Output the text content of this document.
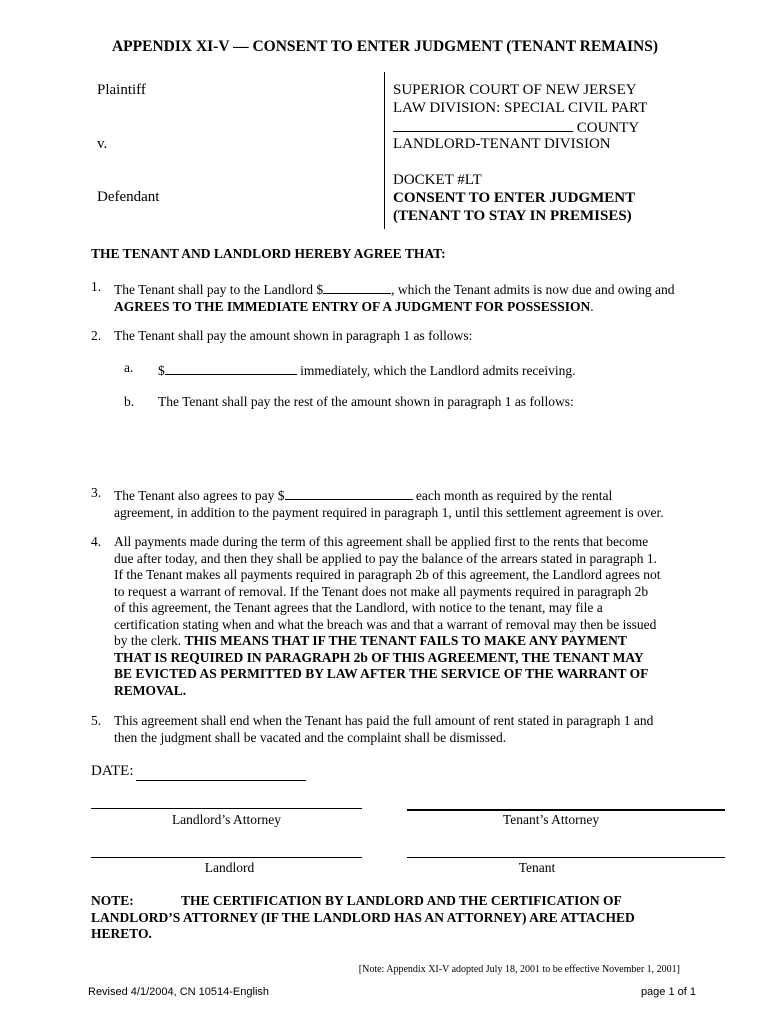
APPENDIX XI-V — CONSENT TO ENTER JUDGMENT (TENANT REMAINS)
Plaintiff
v.
Defendant
SUPERIOR COURT OF NEW JERSEY
LAW DIVISION: SPECIAL CIVIL PART
COUNTY
LANDLORD-TENANT DIVISION
DOCKET #LT
CONSENT TO ENTER JUDGMENT
(TENANT TO STAY IN PREMISES)
THE TENANT AND LANDLORD HEREBY AGREE THAT:
1. The Tenant shall pay to the Landlord $	, which the Tenant admits is now due and owing and
AGREES TO THE IMMEDIATE ENTRY OF A JUDGMENT FOR POSSESSION.
2. The Tenant shall pay the amount shown in paragraph 1 as follows:
a. $	immediately, which the Landlord admits receiving.
b. The Tenant shall pay the rest of the amount shown in paragraph 1 as follows:
3. The Tenant also agrees to pay $	each month as required by the rental
agreement, in addition to the payment required in paragraph 1, until this settlement agreement is over.
4. All payments made during the term of this agreement shall be applied first to the rents that become
due after today, and then they shall be applied to pay the balance of the arrears stated in paragraph 1.
If the Tenant makes all payments required in paragraph 2b of this agreement, the Landlord agrees not
to request a warrant of removal. If the Tenant does not make all payments required in paragraph 2b
of this agreement, the Tenant agrees that the Landlord, with notice to the tenant, may file a
certification stating when and what the breach was and that a warrant of removal may then be issued
by the clerk. THIS MEANS THAT IF THE TENANT FAILS TO MAKE ANY PAYMENT
THAT IS REQUIRED IN PARAGRAPH 2b OF THIS AGREEMENT, THE TENANT MAY
BE EVICTED AS PERMITTED BY LAW AFTER THE SERVICE OF THE WARRANT OF
REMOVAL.
5. This agreement shall end when the Tenant has paid the full amount of rent stated in paragraph 1 and
then the judgment shall be vacated and the complaint shall be dismissed.
DATE:
Landlord’s Attorney	Tenant’s Attorney
Landlord	Tenant
NOTE:	THE CERTIFICATION BY LANDLORD AND THE CERTIFICATION OF
LANDLORD’S ATTORNEY (IF THE LANDLORD HAS AN ATTORNEY) ARE ATTACHED
HERETO.
[Note: Appendix XI-V adopted July 18, 2001 to be effective November 1, 2001]
Revised 4/1/2004, CN 10514-English	page 1 of 1
